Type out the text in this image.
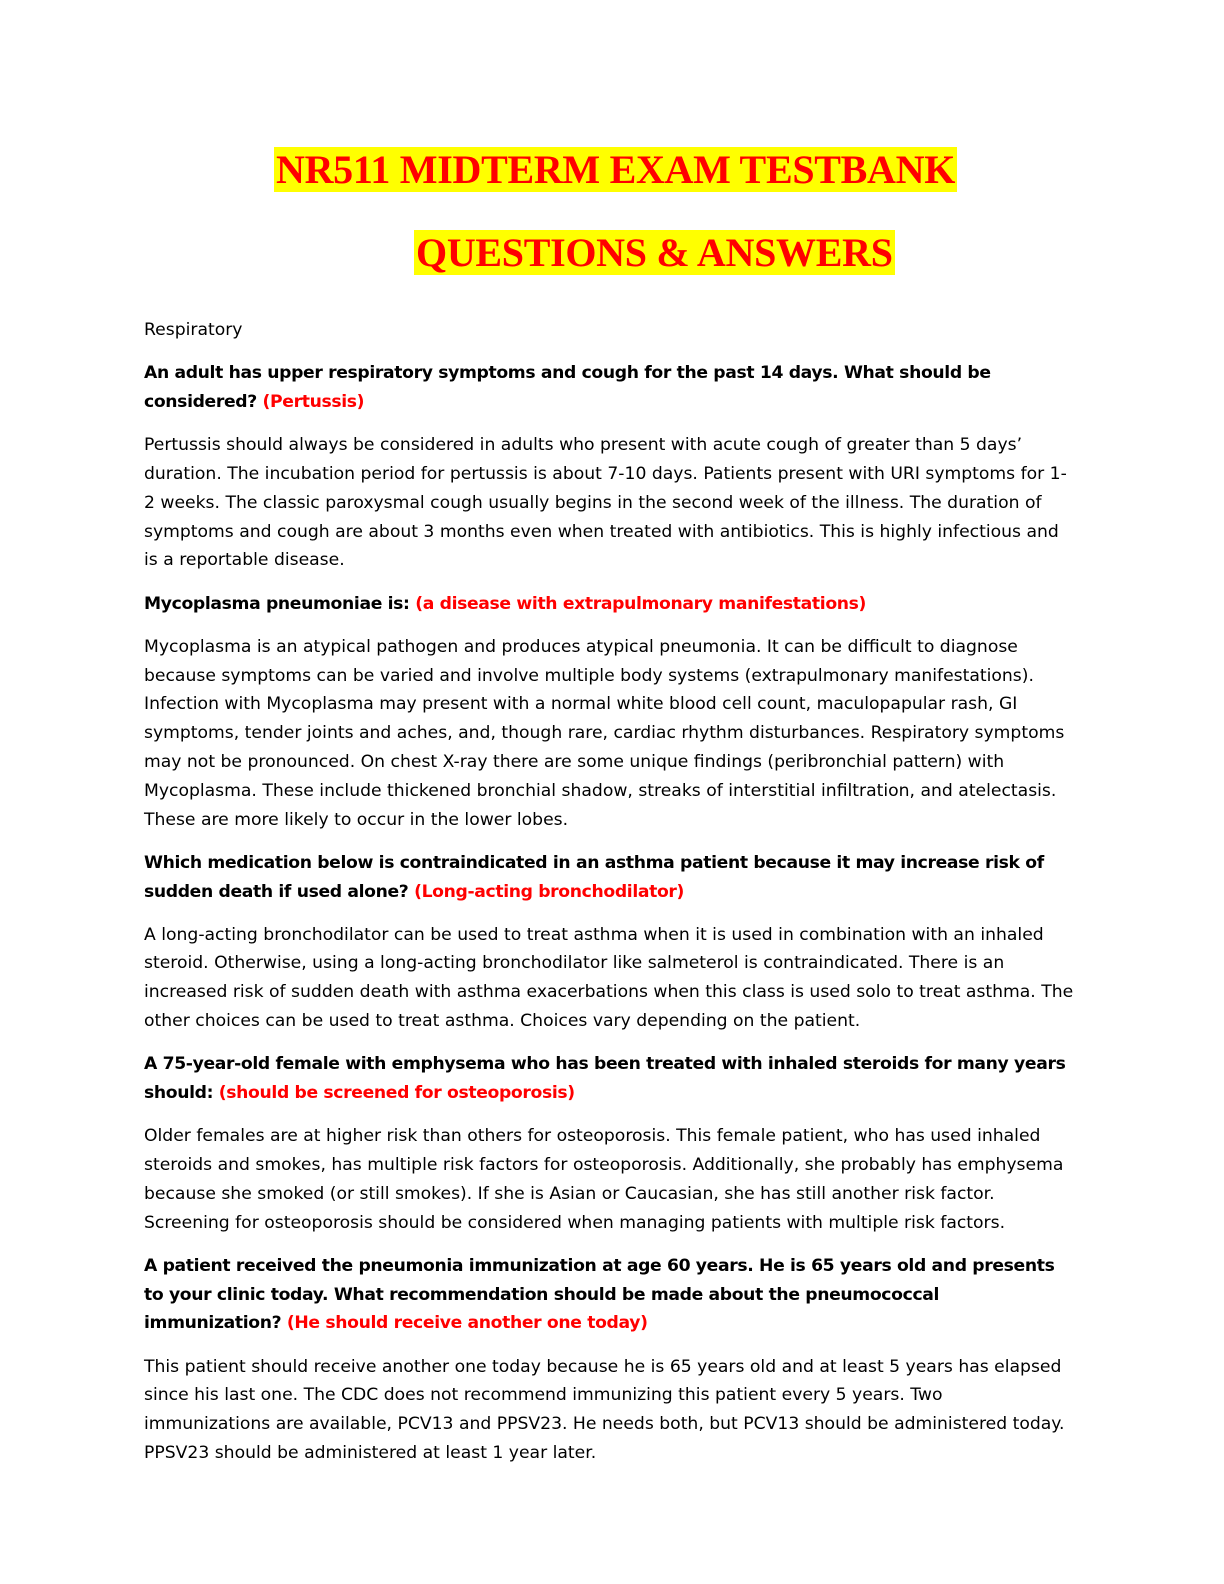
NR511 MIDTERM EXAM TESTBANK
QUESTIONS & ANSWERS

Respiratory

An adult has upper respiratory symptoms and cough for the past 14 days. What should be considered? (Pertussis)

Pertussis should always be considered in adults who present with acute cough of greater than 5 days’ duration. The incubation period for pertussis is about 7-10 days. Patients present with URI symptoms for 1-2 weeks. The classic paroxysmal cough usually begins in the second week of the illness. The duration of symptoms and cough are about 3 months even when treated with antibiotics. This is highly infectious and is a reportable disease.

Mycoplasma pneumoniae is: (a disease with extrapulmonary manifestations)

Mycoplasma is an atypical pathogen and produces atypical pneumonia. It can be difficult to diagnose because symptoms can be varied and involve multiple body systems (extrapulmonary manifestations). Infection with Mycoplasma may present with a normal white blood cell count, maculopapular rash, GI symptoms, tender joints and aches, and, though rare, cardiac rhythm disturbances. Respiratory symptoms may not be pronounced. On chest X-ray there are some unique findings (peribronchial pattern) with Mycoplasma. These include thickened bronchial shadow, streaks of interstitial infiltration, and atelectasis. These are more likely to occur in the lower lobes.

Which medication below is contraindicated in an asthma patient because it may increase risk of sudden death if used alone? (Long-acting bronchodilator)

A long-acting bronchodilator can be used to treat asthma when it is used in combination with an inhaled steroid. Otherwise, using a long-acting bronchodilator like salmeterol is contraindicated. There is an increased risk of sudden death with asthma exacerbations when this class is used solo to treat asthma. The other choices can be used to treat asthma. Choices vary depending on the patient.

A 75-year-old female with emphysema who has been treated with inhaled steroids for many years should: (should be screened for osteoporosis)

Older females are at higher risk than others for osteoporosis. This female patient, who has used inhaled steroids and smokes, has multiple risk factors for osteoporosis. Additionally, she probably has emphysema because she smoked (or still smokes). If she is Asian or Caucasian, she has still another risk factor. Screening for osteoporosis should be considered when managing patients with multiple risk factors.

A patient received the pneumonia immunization at age 60 years. He is 65 years old and presents to your clinic today. What recommendation should be made about the pneumococcal immunization? (He should receive another one today)

This patient should receive another one today because he is 65 years old and at least 5 years has elapsed since his last one. The CDC does not recommend immunizing this patient every 5 years. Two immunizations are available, PCV13 and PPSV23. He needs both, but PCV13 should be administered today. PPSV23 should be administered at least 1 year later.
